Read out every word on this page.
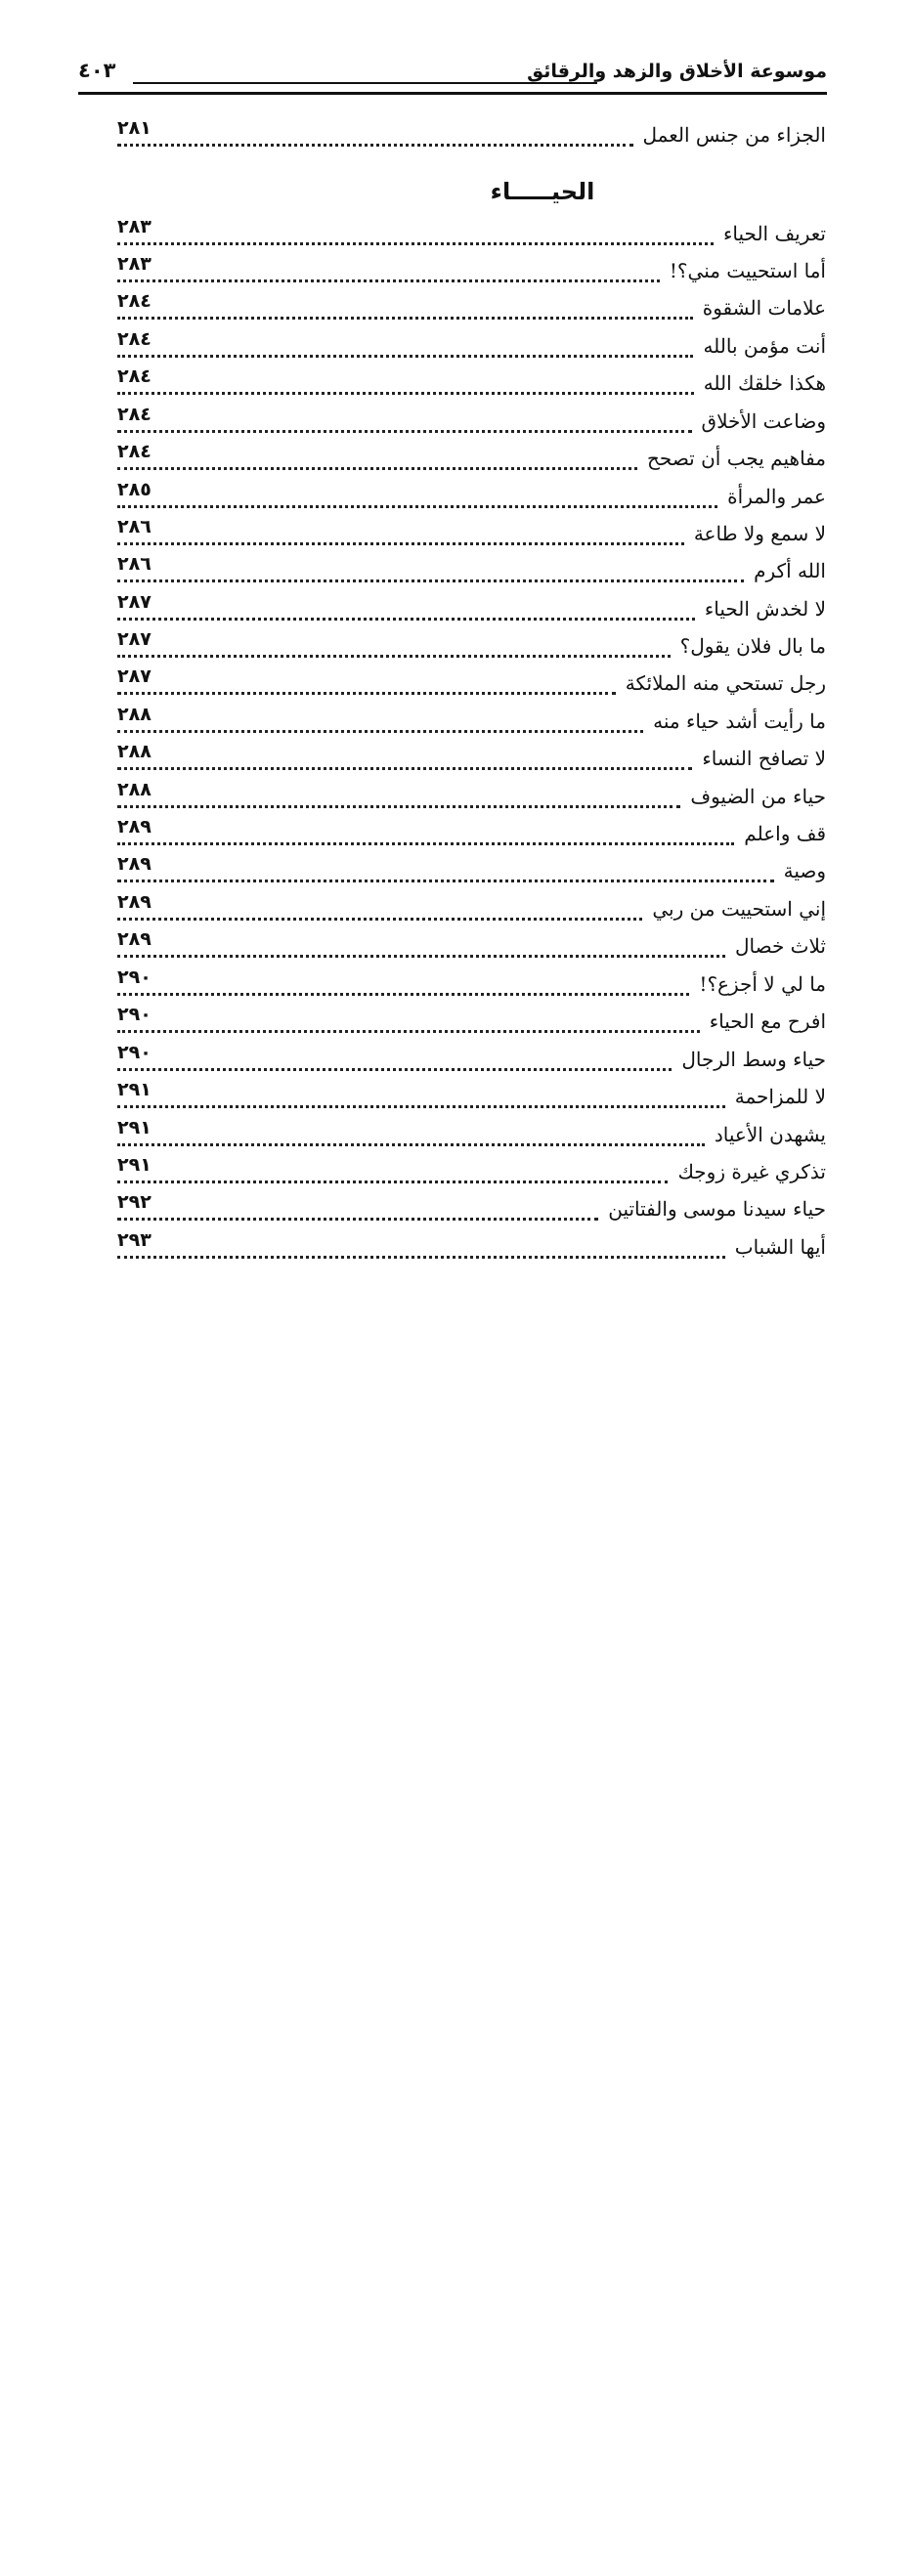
موسوعة الأخلاق والزهد والرقائق
٤٠٣
الجزاء من جنس العمل
٢٨١
الحيـــــاء
تعريف الحياء
٢٨٣
أما استحييت مني؟!
٢٨٣
علامات الشقوة
٢٨٤
أنت مؤمن بالله
٢٨٤
هكذا خلقك الله
٢٨٤
وضاعت الأخلاق
٢٨٤
مفاهيم يجب أن تصحح
٢٨٤
عمر والمرأة
٢٨٥
لا سمع ولا طاعة
٢٨٦
الله أكرم
٢٨٦
لا لخدش الحياء
٢٨٧
ما بال فلان يقول؟
٢٨٧
رجل تستحي منه الملائكة
٢٨٧
ما رأيت أشد حياء منه
٢٨٨
لا تصافح النساء
٢٨٨
حياء من الضيوف
٢٨٨
قف واعلم
٢٨٩
وصية
٢٨٩
إني استحييت من ربي
٢٨٩
ثلاث خصال
٢٨٩
ما لي لا أجزع؟!
٢٩٠
افرح مع الحياء
٢٩٠
حياء وسط الرجال
٢٩٠
لا للمزاحمة
٢٩١
يشهدن الأعياد
٢٩١
تذكري غيرة زوجك
٢٩١
حياء سيدنا موسى والفتاتين
٢٩٢
أيها الشباب
٢٩٣
